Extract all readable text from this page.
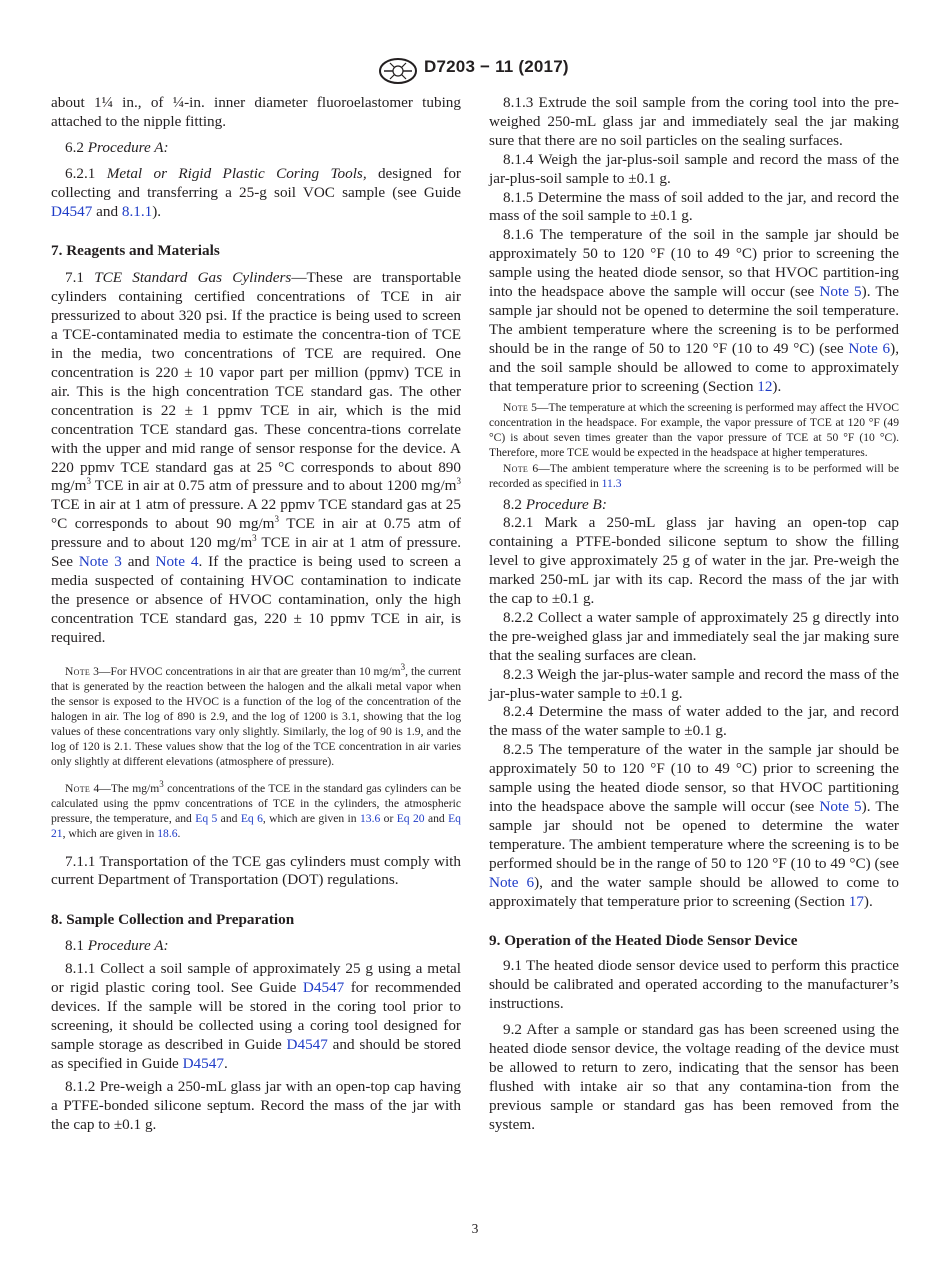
D7203 − 11 (2017)

about 1¼ in., of ¼-in. inner diameter fluoroelastomer tubing attached to the nipple fitting.

6.2 Procedure A:

6.2.1 Metal or Rigid Plastic Coring Tools, designed for collecting and transferring a 25-g soil VOC sample (see Guide D4547 and 8.1.1).

7. Reagents and Materials

7.1 TCE Standard Gas Cylinders—These are transportable cylinders containing certified concentrations of TCE in air pressurized to about 320 psi. If the practice is being used to screen a TCE-contaminated media to estimate the concentra-tion of TCE in the media, two concentrations of TCE are required. One concentration is 220 ± 10 vapor part per million (ppmv) TCE in air. This is the high concentration TCE standard gas. The other concentration is 22 ± 1 ppmv TCE in air, which is the mid concentration TCE standard gas. These concentra-tions correlate with the upper and mid range of sensor response for the device. A 220 ppmv TCE standard gas at 25 °C corresponds to about 890 $mg/m^3$ TCE in air at 0.75 atm of pressure and to about 1200 $mg/m^3$ TCE in air at 1 atm of pressure. A 22 ppmv TCE standard gas at 25 °C corresponds to about 90 $mg/m^3$ TCE in air at 0.75 atm of pressure and to about 120 $mg/m^3$ TCE in air at 1 atm of pressure. See Note 3 and Note 4. If the practice is being used to screen a media suspected of containing HVOC contamination to indicate the presence or absence of HVOC contamination, only the high concentration TCE standard gas, 220 ± 10 ppmv TCE in air, is required.

Note 3—For HVOC concentrations in air that are greater than 10 $mg/m^3$, the current that is generated by the reaction between the halogen and the alkali metal vapor when the sensor is exposed to the HVOC is a function of the log of the concentration of the halogen in air. The log of 890 is 2.9, and the log of 1200 is 3.1, showing that the log values of these concentrations vary only slightly. Similarly, the log of 90 is 1.9, and the log of 120 is 2.1. These values show that the log of the TCE concentration in air varies only slightly at different elevations (atmosphere of pressure).

Note 4—The $mg/m^3$ concentrations of the TCE in the standard gas cylinders can be calculated using the ppmv concentrations of TCE in the cylinders, the atmospheric pressure, the temperature, and Eq 5 and Eq 6, which are given in 13.6 or Eq 20 and Eq 21, which are given in 18.6.

7.1.1 Transportation of the TCE gas cylinders must comply with current Department of Transportation (DOT) regulations.

8. Sample Collection and Preparation

8.1 Procedure A:

8.1.1 Collect a soil sample of approximately 25 g using a metal or rigid plastic coring tool. See Guide D4547 for recommended devices. If the sample will be stored in the coring tool prior to screening, it should be collected using a coring tool designed for sample storage as described in Guide D4547 and should be stored as specified in Guide D4547.

8.1.2 Pre-weigh a 250-mL glass jar with an open-top cap having a PTFE-bonded silicone septum. Record the mass of the jar with the cap to ±0.1 g.

8.1.3 Extrude the soil sample from the coring tool into the pre-weighed 250-mL glass jar and immediately seal the jar making sure that there are no soil particles on the sealing surfaces.

8.1.4 Weigh the jar-plus-soil sample and record the mass of the jar-plus-soil sample to ±0.1 g.

8.1.5 Determine the mass of soil added to the jar, and record the mass of the soil sample to ±0.1 g.

8.1.6 The temperature of the soil in the sample jar should be approximately 50 to 120 °F (10 to 49 °C) prior to screening the sample using the heated diode sensor, so that HVOC partition-ing into the headspace above the sample will occur (see Note 5). The sample jar should not be opened to determine the soil temperature. The ambient temperature where the screening is to be performed should be in the range of 50 to 120 °F (10 to 49 °C) (see Note 6), and the soil sample should be allowed to come to approximately that temperature prior to screening (Section 12).

Note 5—The temperature at which the screening is performed may affect the HVOC concentration in the headspace. For example, the vapor pressure of TCE at 120 °F (49 °C) is about seven times greater than the vapor pressure of TCE at 50 °F (10 °C). Therefore, more TCE would be expected in the headspace at higher temperatures.

Note 6—The ambient temperature where the screening is to be performed will be recorded as specified in 11.3

8.2 Procedure B:

8.2.1 Mark a 250-mL glass jar having an open-top cap containing a PTFE-bonded silicone septum to show the filling level to give approximately 25 g of water in the jar. Pre-weigh the marked 250-mL jar with its cap. Record the mass of the jar with the cap to ±0.1 g.

8.2.2 Collect a water sample of approximately 25 g directly into the pre-weighed glass jar and immediately seal the jar making sure that the sealing surfaces are clean.

8.2.3 Weigh the jar-plus-water sample and record the mass of the jar-plus-water sample to ±0.1 g.

8.2.4 Determine the mass of water added to the jar, and record the mass of the water sample to ±0.1 g.

8.2.5 The temperature of the water in the sample jar should be approximately 50 to 120 °F (10 to 49 °C) prior to screening the sample using the heated diode sensor, so that HVOC partitioning into the headspace above the sample will occur (see Note 5). The sample jar should not be opened to determine the water temperature. The ambient temperature where the screening is to be performed should be in the range of 50 to 120 °F (10 to 49 °C) (see Note 6), and the water sample should be allowed to come to approximately that temperature prior to screening (Section 17).

9. Operation of the Heated Diode Sensor Device

9.1 The heated diode sensor device used to perform this practice should be calibrated and operated according to the manufacturer’s instructions.

9.2 After a sample or standard gas has been screened using the heated diode sensor device, the voltage reading of the device must be allowed to return to zero, indicating that the sensor has been flushed with intake air so that any contamina-tion from the previous sample or standard gas has been removed from the system.

3
